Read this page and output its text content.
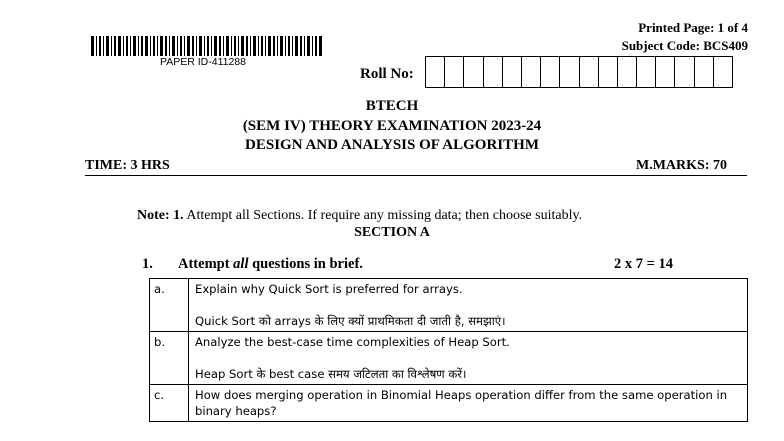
PAPER ID-411288
Printed Page: 1 of 4
Subject Code: BCS409
Roll No:
BTECH
(SEM IV) THEORY EXAMINATION 2023-24
DESIGN AND ANALYSIS OF ALGORITHM
TIME: 3 HRS	M.MARKS: 70
Note: 1. Attempt all Sections. If require any missing data; then choose suitably.
SECTION A
1. Attempt all questions in brief.	2 x 7 = 14
a.	Explain why Quick Sort is preferred for arrays.
Quick Sort को arrays के लिए क्यों प्राथमिकता दी जाती है, समझाएं।

b.	Analyze the best-case time complexities of Heap Sort.
Heap Sort के best case समय जटिलता का विश्लेषण करें।

c.	How does merging operation in Binomial Heaps operation differ from the same operation in binary heaps?
